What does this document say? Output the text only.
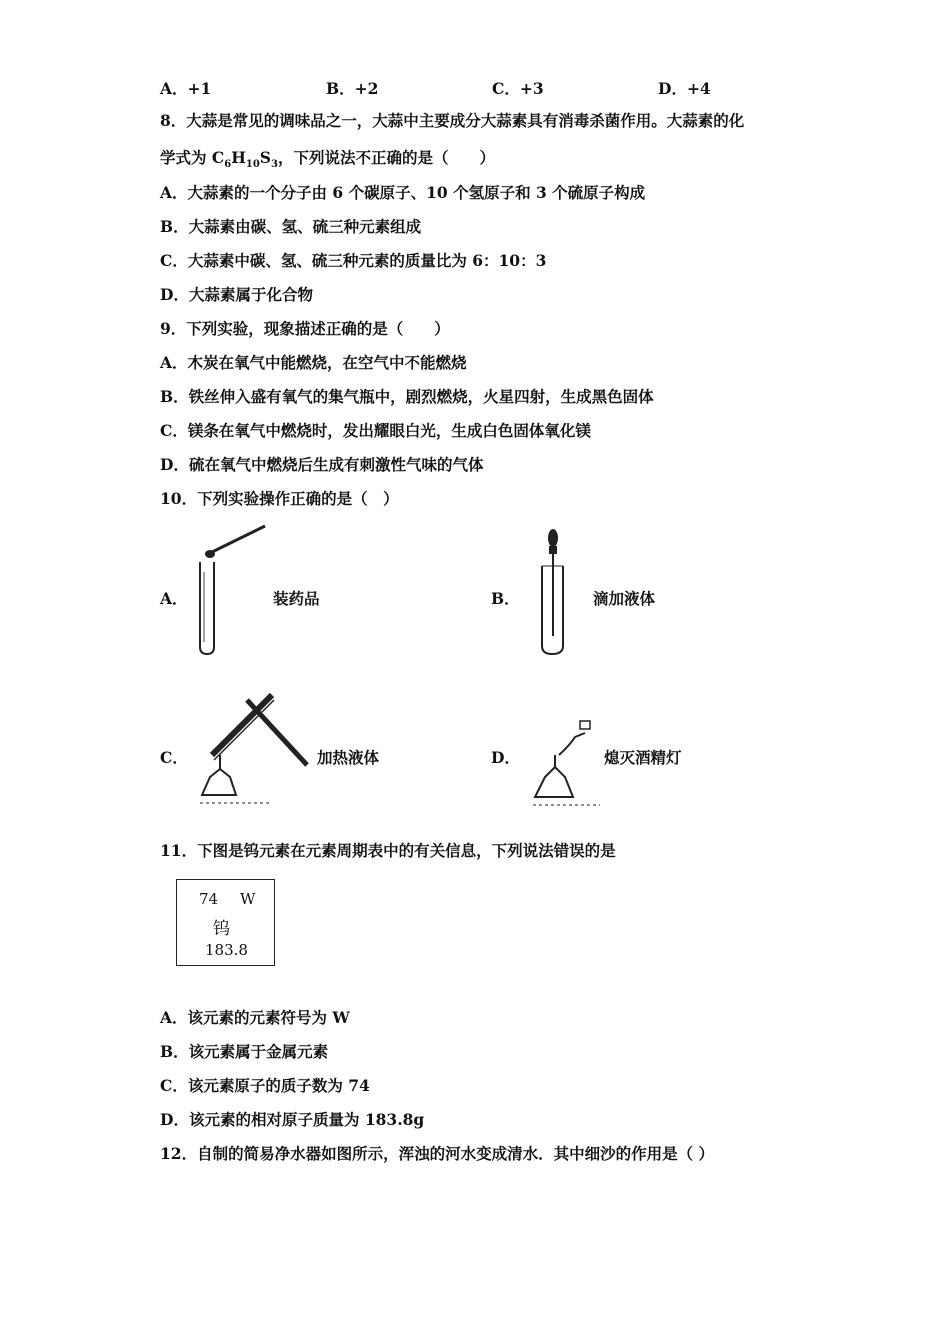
A．+1	B．+2	C．+3	D．+4
8．大蒜是常见的调味品之一，大蒜中主要成分大蒜素具有消毒杀菌作用。大蒜素的化
学式为 $C_6H_{10}S_3$，下列说法不正确的是（　　）
A．大蒜素的一个分子由 6 个碳原子、10 个氢原子和 3 个硫原子构成
B．大蒜素由碳、氢、硫三种元素组成
C．大蒜素中碳、氢、硫三种元素的质量比为 6：10：3
D．大蒜素属于化合物
9．下列实验，现象描述正确的是（　　）
A．木炭在氧气中能燃烧，在空气中不能燃烧
B．铁丝伸入盛有氧气的集气瓶中，剧烈燃烧，火星四射，生成黑色固体
C．镁条在氧气中燃烧时，发出耀眼白光，生成白色固体氧化镁
D．硫在氧气中燃烧后生成有刺激性气味的气体
10．下列实验操作正确的是（　）
A．	装药品	B．	滴加液体
C．	加热液体	D．	熄灭酒精灯
11．下图是钨元素在元素周期表中的有关信息，下列说法错误的是
74 W
钨
183.8
A．该元素的元素符号为 W
B．该元素属于金属元素
C．该元素原子的质子数为 74
D．该元素的相对原子质量为 183.8g
12．自制的简易净水器如图所示，浑浊的河水变成清水．其中细沙的作用是（ ）
